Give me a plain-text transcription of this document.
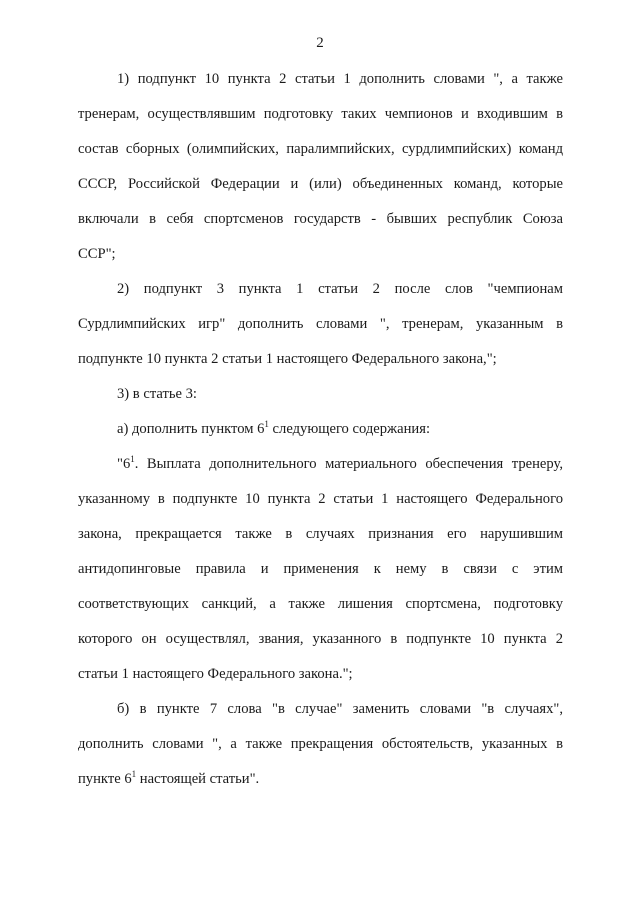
2
1) подпункт 10 пункта 2 статьи 1 дополнить словами ", а также
тренерам, осуществлявшим подготовку таких чемпионов и входившим в
состав сборных (олимпийских, паралимпийских, сурдлимпийских) команд
СССР, Российской Федерации и (или) объединенных команд, которые
включали в себя спортсменов государств - бывших республик Союза
ССР";
2) подпункт 3 пункта 1 статьи 2 после слов "чемпионам
Сурдлимпийских игр" дополнить словами ", тренерам, указанным в
подпункте 10 пункта 2 статьи 1 настоящего Федерального закона,";
3) в статье 3:
а) дополнить пунктом $6^1$ следующего содержания:
"$6^1$. Выплата дополнительного материального обеспечения тренеру,
указанному в подпункте 10 пункта 2 статьи 1 настоящего Федерального
закона, прекращается также в случаях признания его нарушившим
антидопинговые правила и применения к нему в связи с этим
соответствующих санкций, а также лишения спортсмена, подготовку
которого он осуществлял, звания, указанного в подпункте 10 пункта 2
статьи 1 настоящего Федерального закона.";
б) в пункте 7 слова "в случае" заменить словами "в случаях",
дополнить словами ", а также прекращения обстоятельств, указанных в
пункте $6^1$ настоящей статьи".
